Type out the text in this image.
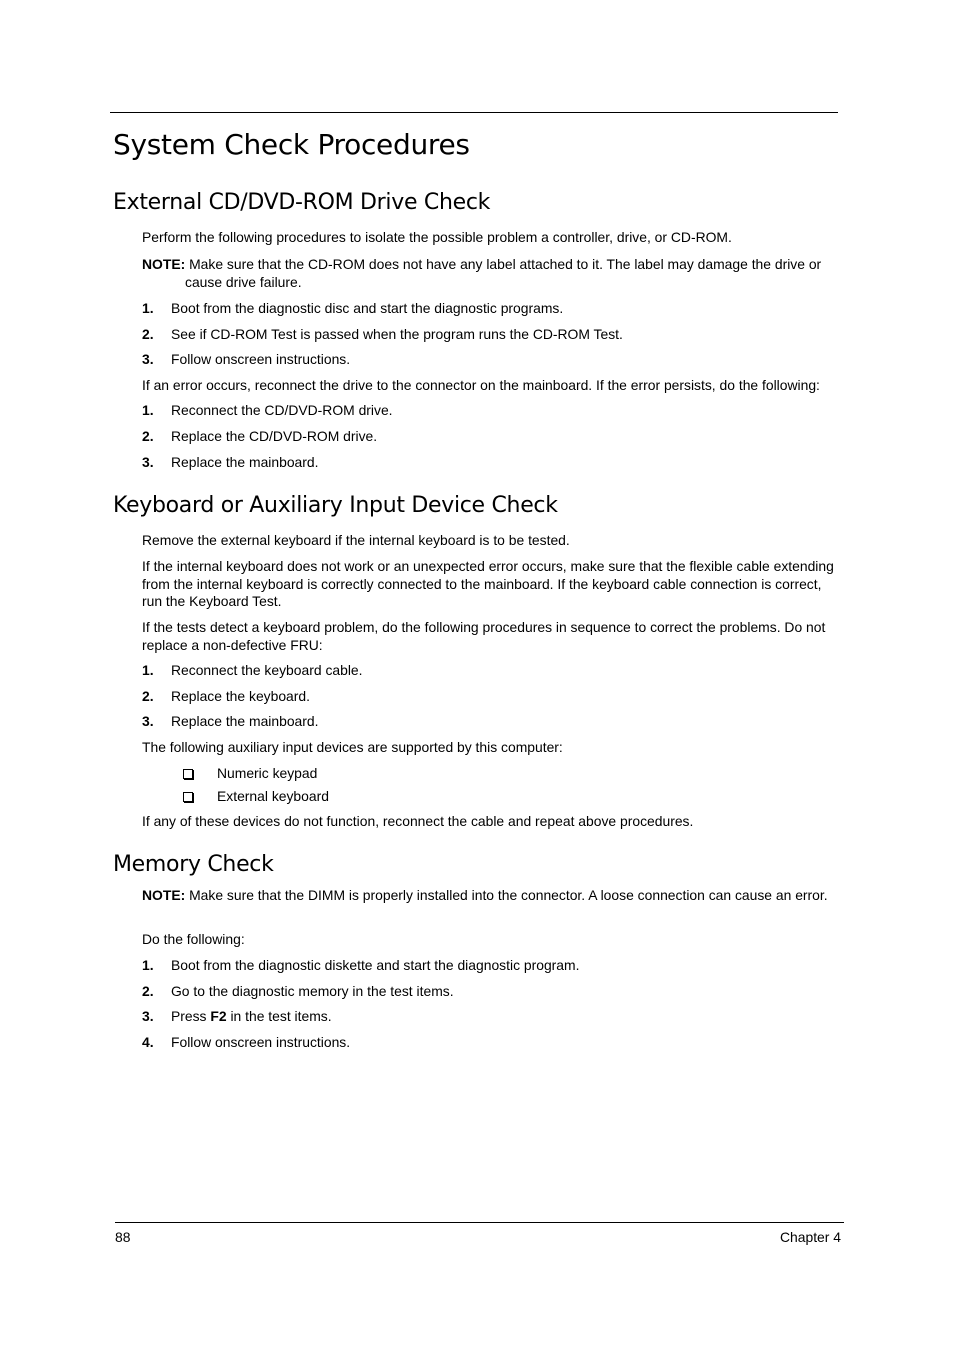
System Check Procedures
External CD/DVD-ROM Drive Check
Perform the following procedures to isolate the possible problem a controller, drive, or CD-ROM.
NOTE: Make sure that the CD-ROM does not have any label attached to it. The label may damage the drive or cause drive failure.
1. Boot from the diagnostic disc and start the diagnostic programs.
2. See if CD-ROM Test is passed when the program runs the CD-ROM Test.
3. Follow onscreen instructions.
If an error occurs, reconnect the drive to the connector on the mainboard. If the error persists, do the following:
1. Reconnect the CD/DVD-ROM drive.
2. Replace the CD/DVD-ROM drive.
3. Replace the mainboard.
Keyboard or Auxiliary Input Device Check
Remove the external keyboard if the internal keyboard is to be tested.
If the internal keyboard does not work or an unexpected error occurs, make sure that the flexible cable extending from the internal keyboard is correctly connected to the mainboard. If the keyboard cable connection is correct, run the Keyboard Test.
If the tests detect a keyboard problem, do the following procedures in sequence to correct the problems. Do not replace a non-defective FRU:
1. Reconnect the keyboard cable.
2. Replace the keyboard.
3. Replace the mainboard.
The following auxiliary input devices are supported by this computer:
Numeric keypad
External keyboard
If any of these devices do not function, reconnect the cable and repeat above procedures.
Memory Check
NOTE: Make sure that the DIMM is properly installed into the connector. A loose connection can cause an error.
Do the following:
1. Boot from the diagnostic diskette and start the diagnostic program.
2. Go to the diagnostic memory in the test items.
3. Press F2 in the test items.
4. Follow onscreen instructions.
88	Chapter 4
